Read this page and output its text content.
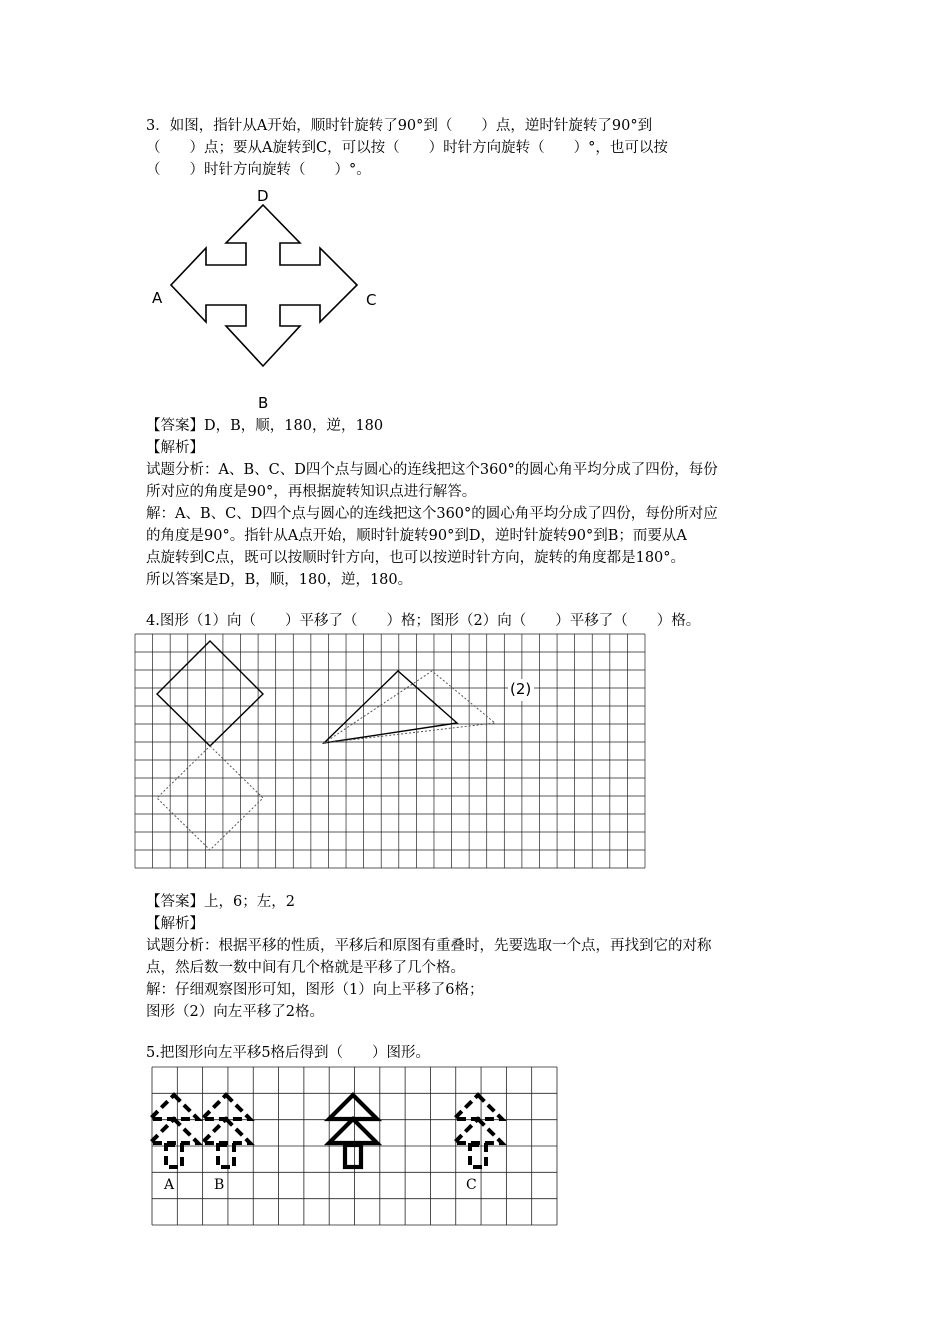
3．如图，指针从A开始，顺时针旋转了90°到（　　）点，逆时针旋转了90°到
（　　）点；要从A旋转到C，可以按（　　）时针方向旋转（　　）°，也可以按
（　　）时针方向旋转（　　）°。
D
B
A	C
【答案】D，B，顺，180，逆，180
【解析】
试题分析：A、B、C、D四个点与圆心的连线把这个360°的圆心角平均分成了四份，每份
所对应的角度是90°，再根据旋转知识点进行解答。
解：A、B、C、D四个点与圆心的连线把这个360°的圆心角平均分成了四份，每份所对应
的角度是90°。指针从A点开始，顺时针旋转90°到D，逆时针旋转90°到B；而要从A
点旋转到C点，既可以按顺时针方向，也可以按逆时针方向，旋转的角度都是180°。
所以答案是D，B，顺，180，逆，180。
4.图形（1）向（　　）平移了（　　）格；图形（2）向（　　）平移了（　　）格。
(2)
【答案】上，6；左，2
【解析】
试题分析：根据平移的性质，平移后和原图有重叠时，先要选取一个点，再找到它的对称
点，然后数一数中间有几个格就是平移了几个格。
解：仔细观察图形可知，图形（1）向上平移了6格；
图形（2）向左平移了2格。
5.把图形向左平移5格后得到（　　）图形。
A	B	C
